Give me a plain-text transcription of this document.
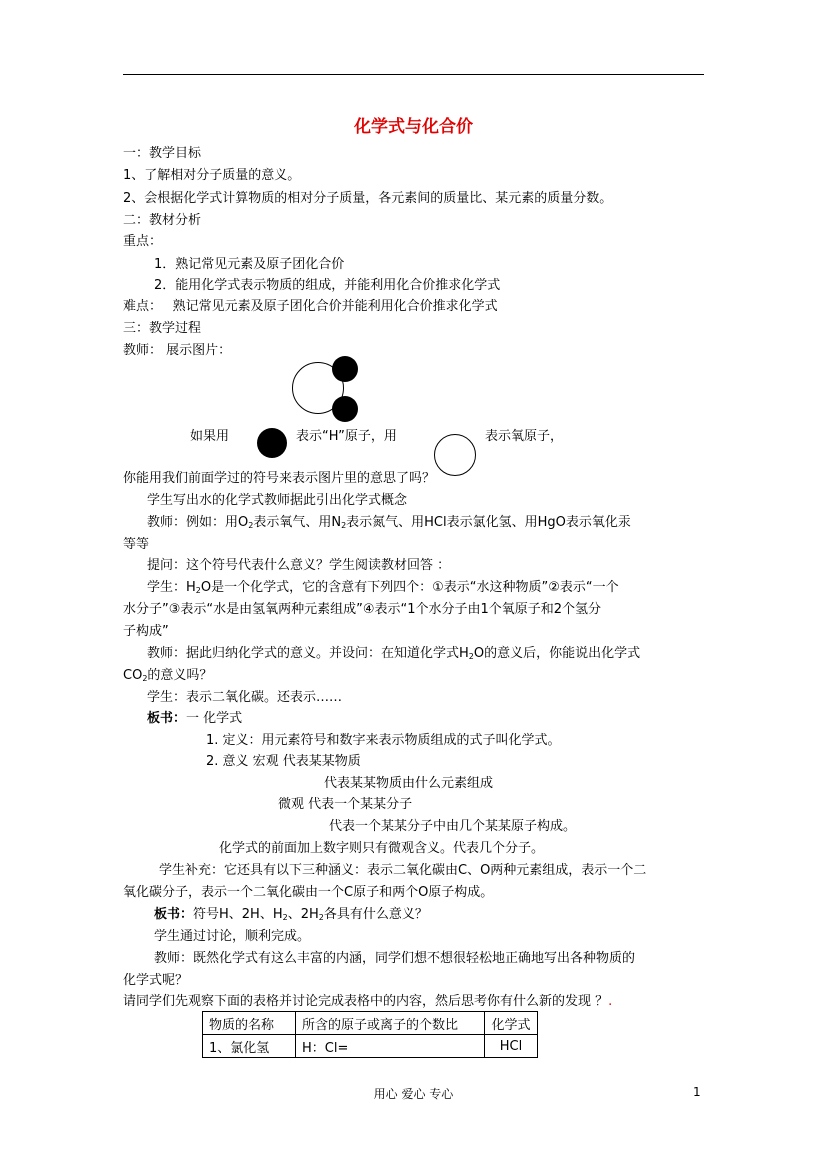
化学式与化合价
一：教学目标
1、了解相对分子质量的意义。
2、会根据化学式计算物质的相对分子质量，各元素间的质量比、某元素的质量分数。
二：教材分析
重点：
1．熟记常见元素及原子团化合价
2．能用化学式表示物质的组成，并能利用化合价推求化学式
难点：　 熟记常见元素及原子团化合价并能利用化合价推求化学式
三：教学过程
教师： 展示图片：
如果用	表示“H”原子，用	表示氧原子，
你能用我们前面学过的符号来表示图片里的意思了吗？
学生写出水的化学式教师据此引出化学式概念
教师：例如：用$O_2$表示氧气、用$N_2$表示氮气、用HCl表示氯化氢、用HgO表示氧化汞
等等
提问：这个符号代表什么意义？学生阅读教材回答 ：
学生：$H_2O$是一个化学式，它的含意有下列四个：①表示“水这种物质”②表示“一个
水分子”③表示“水是由氢氧两种元素组成”④表示“1个水分子由1个氧原子和2个氢分
子构成”
教师：据此归纳化学式的意义。并设问：在知道化学式$H_2O$的意义后，你能说出化学式
$CO_2$的意义吗？
学生：表示二氧化碳。还表示……
板书：一 化学式
1. 定义：用元素符号和数字来表示物质组成的式子叫化学式。
2. 意义 宏观 代表某某物质
代表某某物质由什么元素组成
微观 代表一个某某分子
代表一个某某分子中由几个某某原子构成。
化学式的前面加上数字则只有微观含义。代表几个分子。
学生补充：它还具有以下三种涵义：表示二氧化碳由C、O两种元素组成，表示一个二
氧化碳分子，表示一个二氧化碳由一个C原子和两个O原子构成。
板书：符号H、2H、$H_2$、$2H_2$各具有什么意义？
学生通过讨论，顺利完成。
教师：既然化学式有这么丰富的内涵，同学们想不想很轻松地正确地写出各种物质的
化学式呢？
请同学们先观察下面的表格并讨论完成表格中的内容，然后思考你有什么新的发现 ？.
物质的名称	所含的原子或离子的个数比	化学式
1、氯化氢	H：Cl=	HCl
用心 爱心 专心	1
